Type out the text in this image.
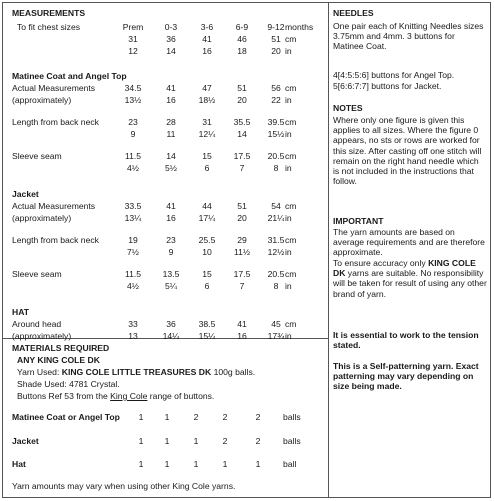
MEASUREMENTS
To fit chest sizes	Prem	0-3	3-6	6-9	9-12 months
31	36	41	46	51 cm
12	14	16	18	20 in
Matinee Coat and Angel Top
Actual Measurements
(approximately)
34.5	41	47	51	56 cm
13½	16	18½	20	22 in
Length from back neck	23	28	31	35.5	39.5 cm
9	11	12¼	14	15½ in
Sleeve seam	11.5	14	15	17.5	20.5 cm
4½	5½	6	7	8 in
Jacket
Actual Measurements
(approximately)
33.5	41	44	51	54 cm
13¼	16	17¼	20	21¼ in
Length from back neck	19	23	25.5	29	31.5 cm
7½	9	10	11½	12½ in
Sleeve seam	11.5	13.5	15	17.5	20.5 cm
4½	5¼	6	7	8 in
HAT
Around head
(approximately)
33	36	38.5	41	45 cm
13	14¼	15¼	16	17¾ in
MATERIALS REQUIRED
ANY KING COLE DK
Yarn Used: KING COLE LITTLE TREASURES DK 100g balls.
Shade Used: 4781 Crystal.
Buttons Ref 53 from the King Cole range of buttons.
Matinee Coat or Angel Top	1	1	2	2	2	balls
Jacket	1	1	1	2	2	balls
Hat	1	1	1	1	1	ball
Yarn amounts may vary when using other King Cole yarns.
NEEDLES
One pair each of Knitting Needles sizes 3.75mm and 4mm. 3 buttons for Matinee Coat.
4[4:5:5:6] buttons for Angel Top.
5[6:6:7:7] buttons for Jacket.
NOTES
Where only one figure is given this applies to all sizes. Where the figure 0 appears, no sts or rows are worked for this size. After casting off one stitch will remain on the right hand needle which is not included in the instructions that follow.
IMPORTANT
The yarn amounts are based on average requirements and are therefore approximate.
To ensure accuracy only KING COLE DK yarns are suitable. No responsibility will be taken for result of using any other brand of yarn.
It is essential to work to the tension stated.
This is a Self-patterning yarn. Exact patterning may vary depending on size being made.
